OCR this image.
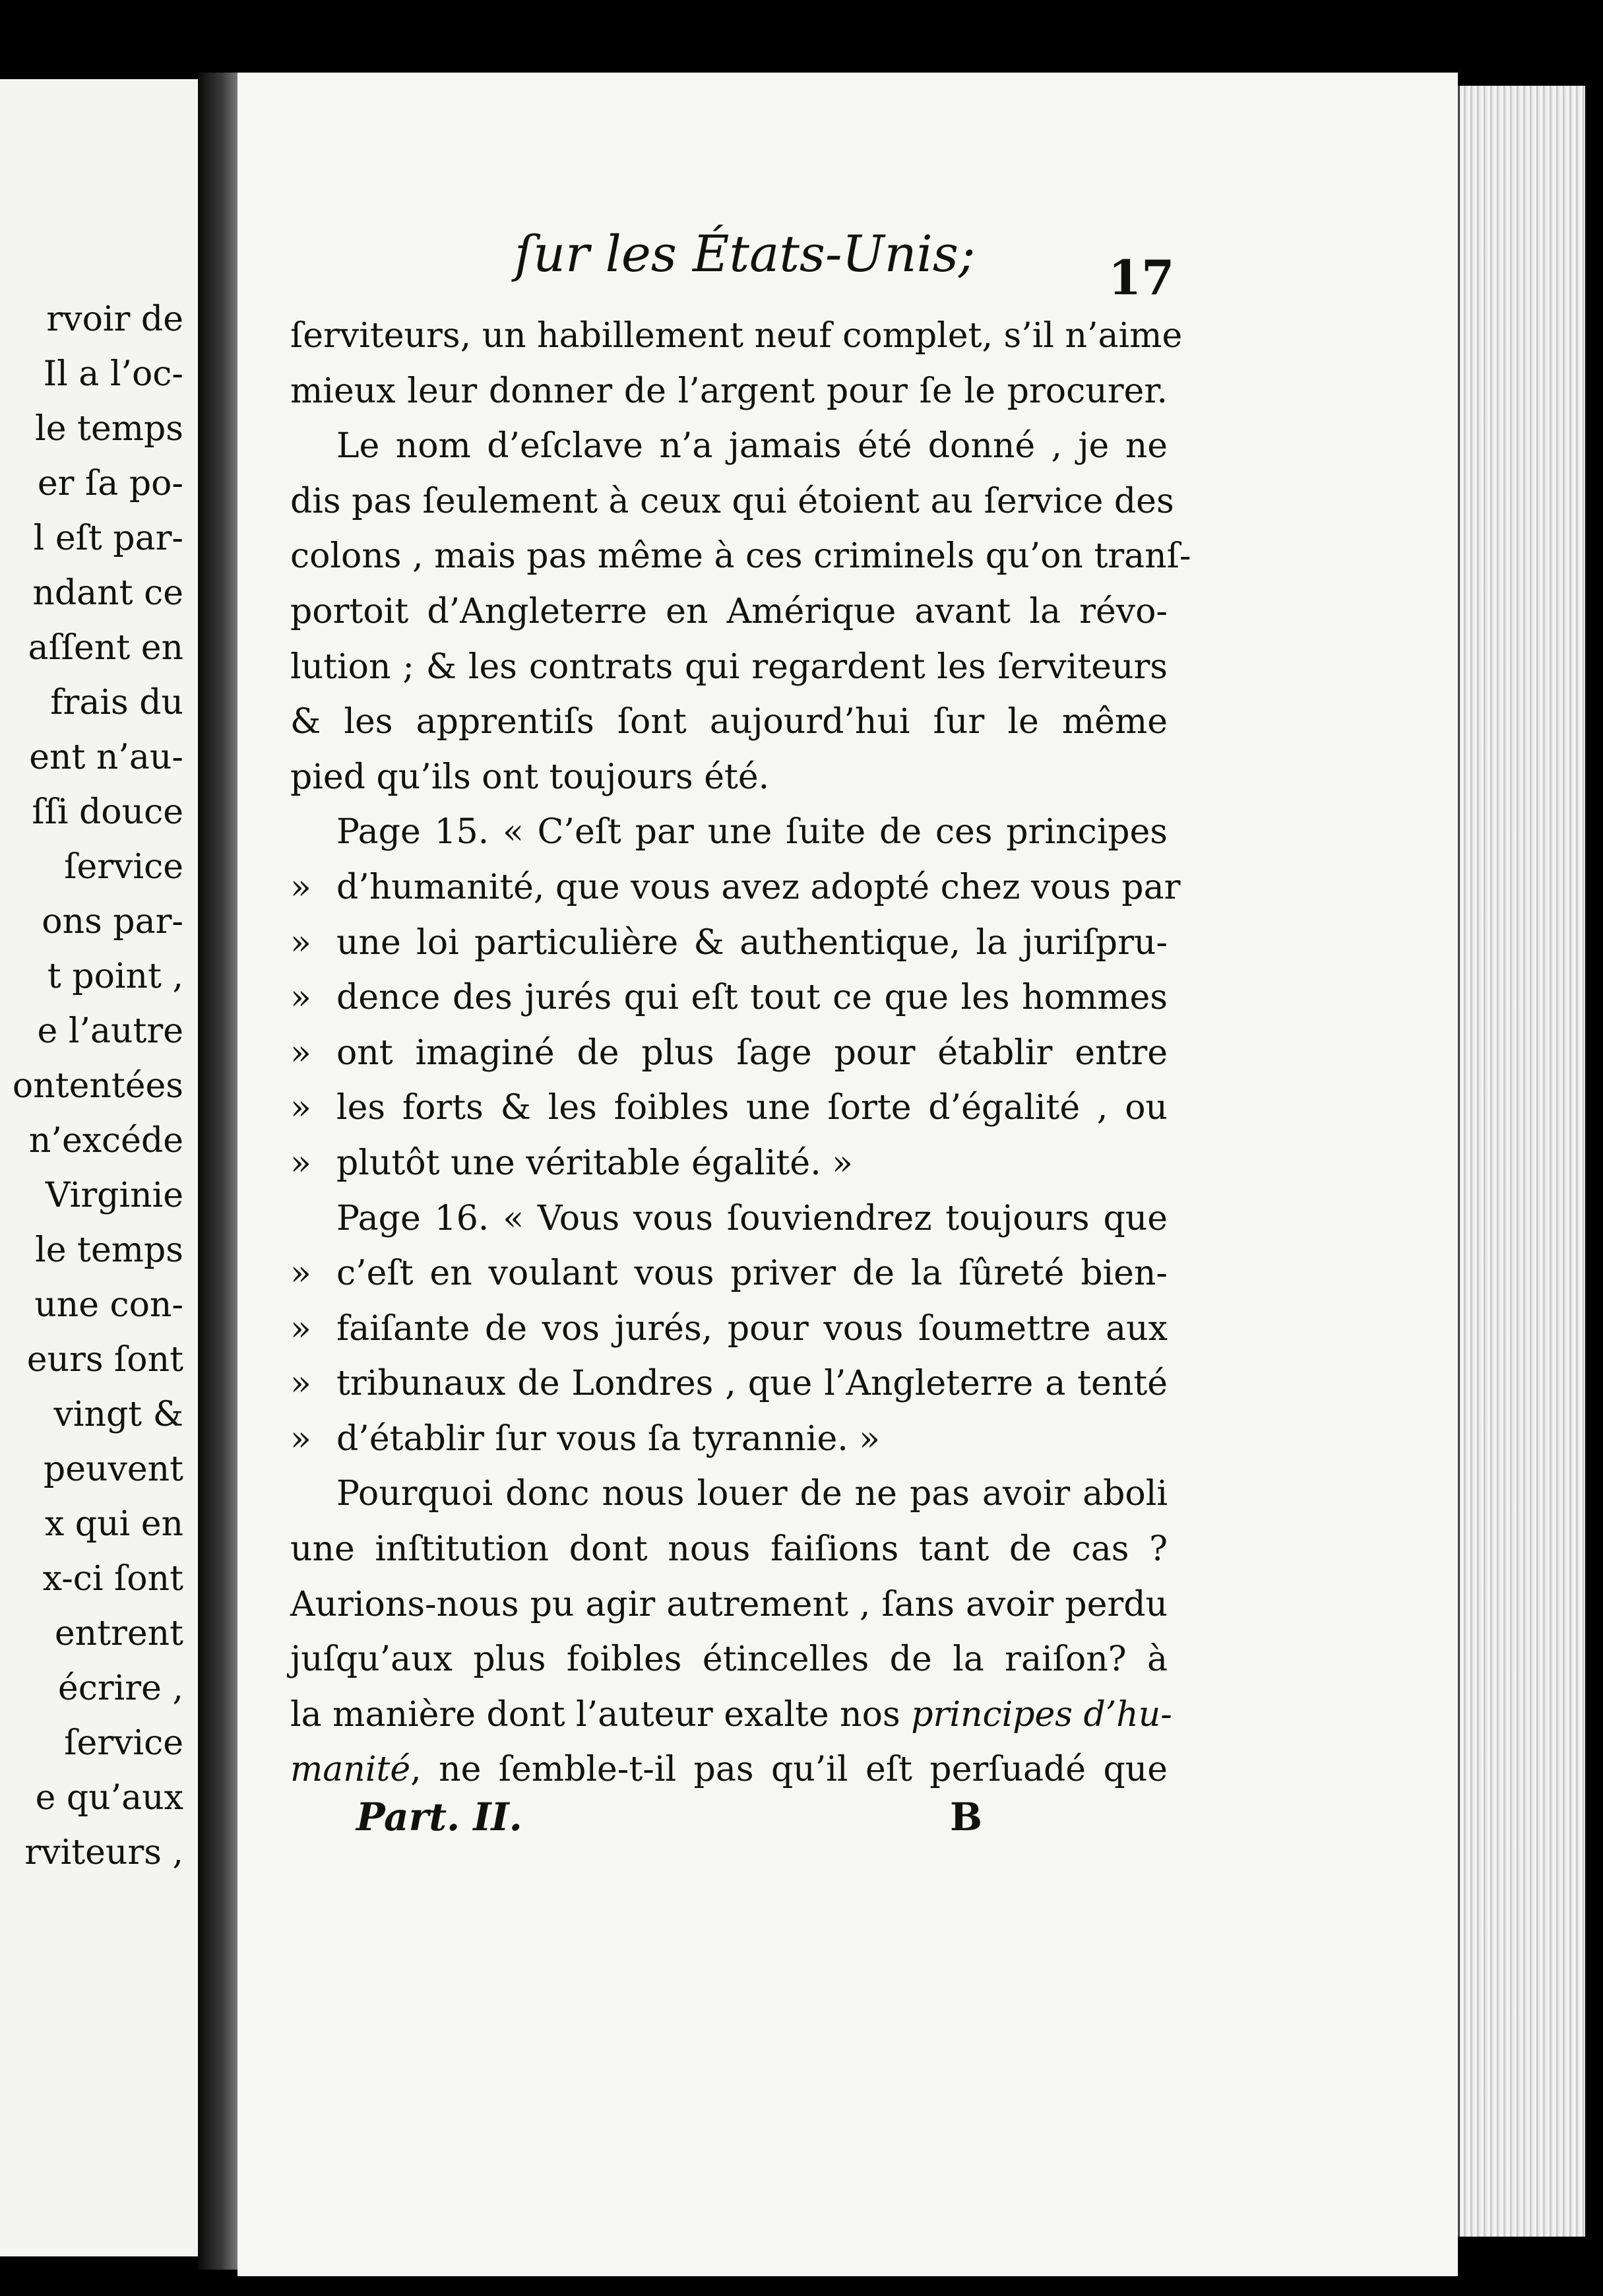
rvoir de
Il a l’oc-
le temps
er ſa po-
l eſt par-
ndant ce
aſſent en
frais du
ent n’au-
ſſi douce
ſervice
ons par-
t point ,
e l’autre
ontentées
n’excéde
Virginie
le temps
une con-
eurs ſont
vingt &
peuvent
x qui en
x-ci ſont
entrent
écrire ,
ſervice
e qu’aux
rviteurs ,
ſur les États-Unis;	17
ſerviteurs, un habillement neuf complet, s’il n’aime
mieux leur donner de l’argent pour ſe le procurer.
Le nom d’eſclave n’a jamais été donné , je ne
dis pas ſeulement à ceux qui étoient au ſervice des
colons , mais pas même à ces criminels qu’on tranſ-
portoit d’Angleterre en Amérique avant la révo-
lution ; & les contrats qui regardent les ſerviteurs
& les apprentiſs ſont aujourd’hui ſur le même
pied qu’ils ont toujours été.
Page 15. « C’eſt par une ſuite de ces principes
» d’humanité, que vous avez adopté chez vous par
» une loi particulière & authentique, la juriſpru-
» dence des jurés qui eſt tout ce que les hommes
» ont imaginé de plus ſage pour établir entre
» les forts & les foibles une ſorte d’égalité , ou
» plutôt une véritable égalité. »
Page 16. « Vous vous ſouviendrez toujours que
» c’eſt en voulant vous priver de la ſûreté bien-
» faiſante de vos jurés, pour vous ſoumettre aux
» tribunaux de Londres , que l’Angleterre a tenté
» d’établir ſur vous ſa tyrannie. »
Pourquoi donc nous louer de ne pas avoir aboli
une inſtitution dont nous faiſions tant de cas ?
Aurions-nous pu agir autrement , ſans avoir perdu
juſqu’aux plus foibles étincelles de la raiſon? à
la manière dont l’auteur exalte nos principes d’hu-
manité, ne ſemble-t-il pas qu’il eſt perſuadé que
Part. II.	B
